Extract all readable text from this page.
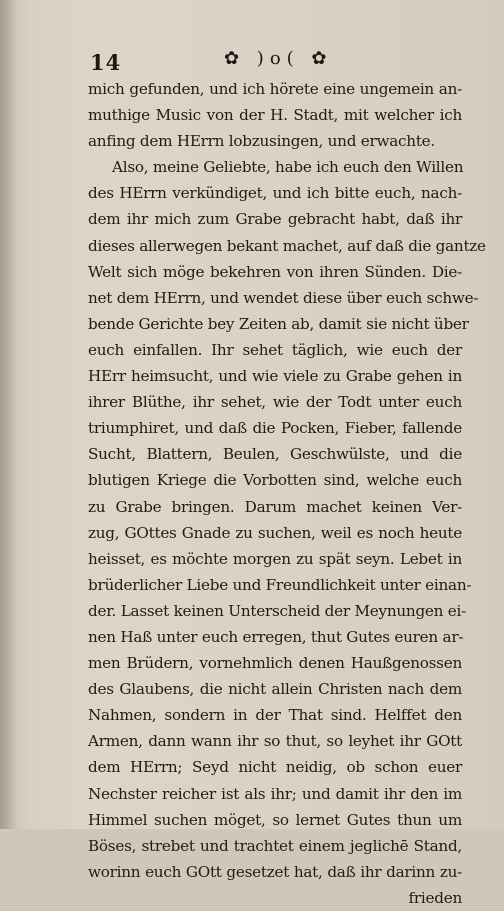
14	✿ )o( ✿
mich gefunden, und ich hörete eine ungemein an-
muthige Music von der H. Stadt, mit welcher ich
anfing dem HErrn lobzusingen, und erwachte.
Also, meine Geliebte, habe ich euch den Willen
des HErrn verkündiget, und ich bitte euch, nach-
dem ihr mich zum Grabe gebracht habt, daß ihr
dieses allerwegen bekant machet, auf daß die gantze
Welt sich möge bekehren von ihren Sünden. Die-
net dem HErrn, und wendet diese über euch schwe-
bende Gerichte bey Zeiten ab, damit sie nicht über
euch einfallen. Ihr sehet täglich, wie euch der
HErr heimsucht, und wie viele zu Grabe gehen in
ihrer Blüthe, ihr sehet, wie der Todt unter euch
triumphiret, und daß die Pocken, Fieber, fallende
Sucht, Blattern, Beulen, Geschwülste, und die
blutigen Kriege die Vorbotten sind, welche euch
zu Grabe bringen. Darum machet keinen Ver-
zug, GOttes Gnade zu suchen, weil es noch heute
heisset, es möchte morgen zu spät seyn. Lebet in
brüderlicher Liebe und Freundlichkeit unter einan-
der. Lasset keinen Unterscheid der Meynungen ei-
nen Haß unter euch erregen, thut Gutes euren ar-
men Brüdern, vornehmlich denen Haußgenossen
des Glaubens, die nicht allein Christen nach dem
Nahmen, sondern in der That sind. Helffet den
Armen, dann wann ihr so thut, so leyhet ihr GOtt
dem HErrn; Seyd nicht neidig, ob schon euer
Nechster reicher ist als ihr; und damit ihr den im
Himmel suchen möget, so lernet Gutes thun um
Böses, strebet und trachtet einem jeglichē Stand,
worinn euch GOtt gesetzet hat, daß ihr darinn zu-
frieden
